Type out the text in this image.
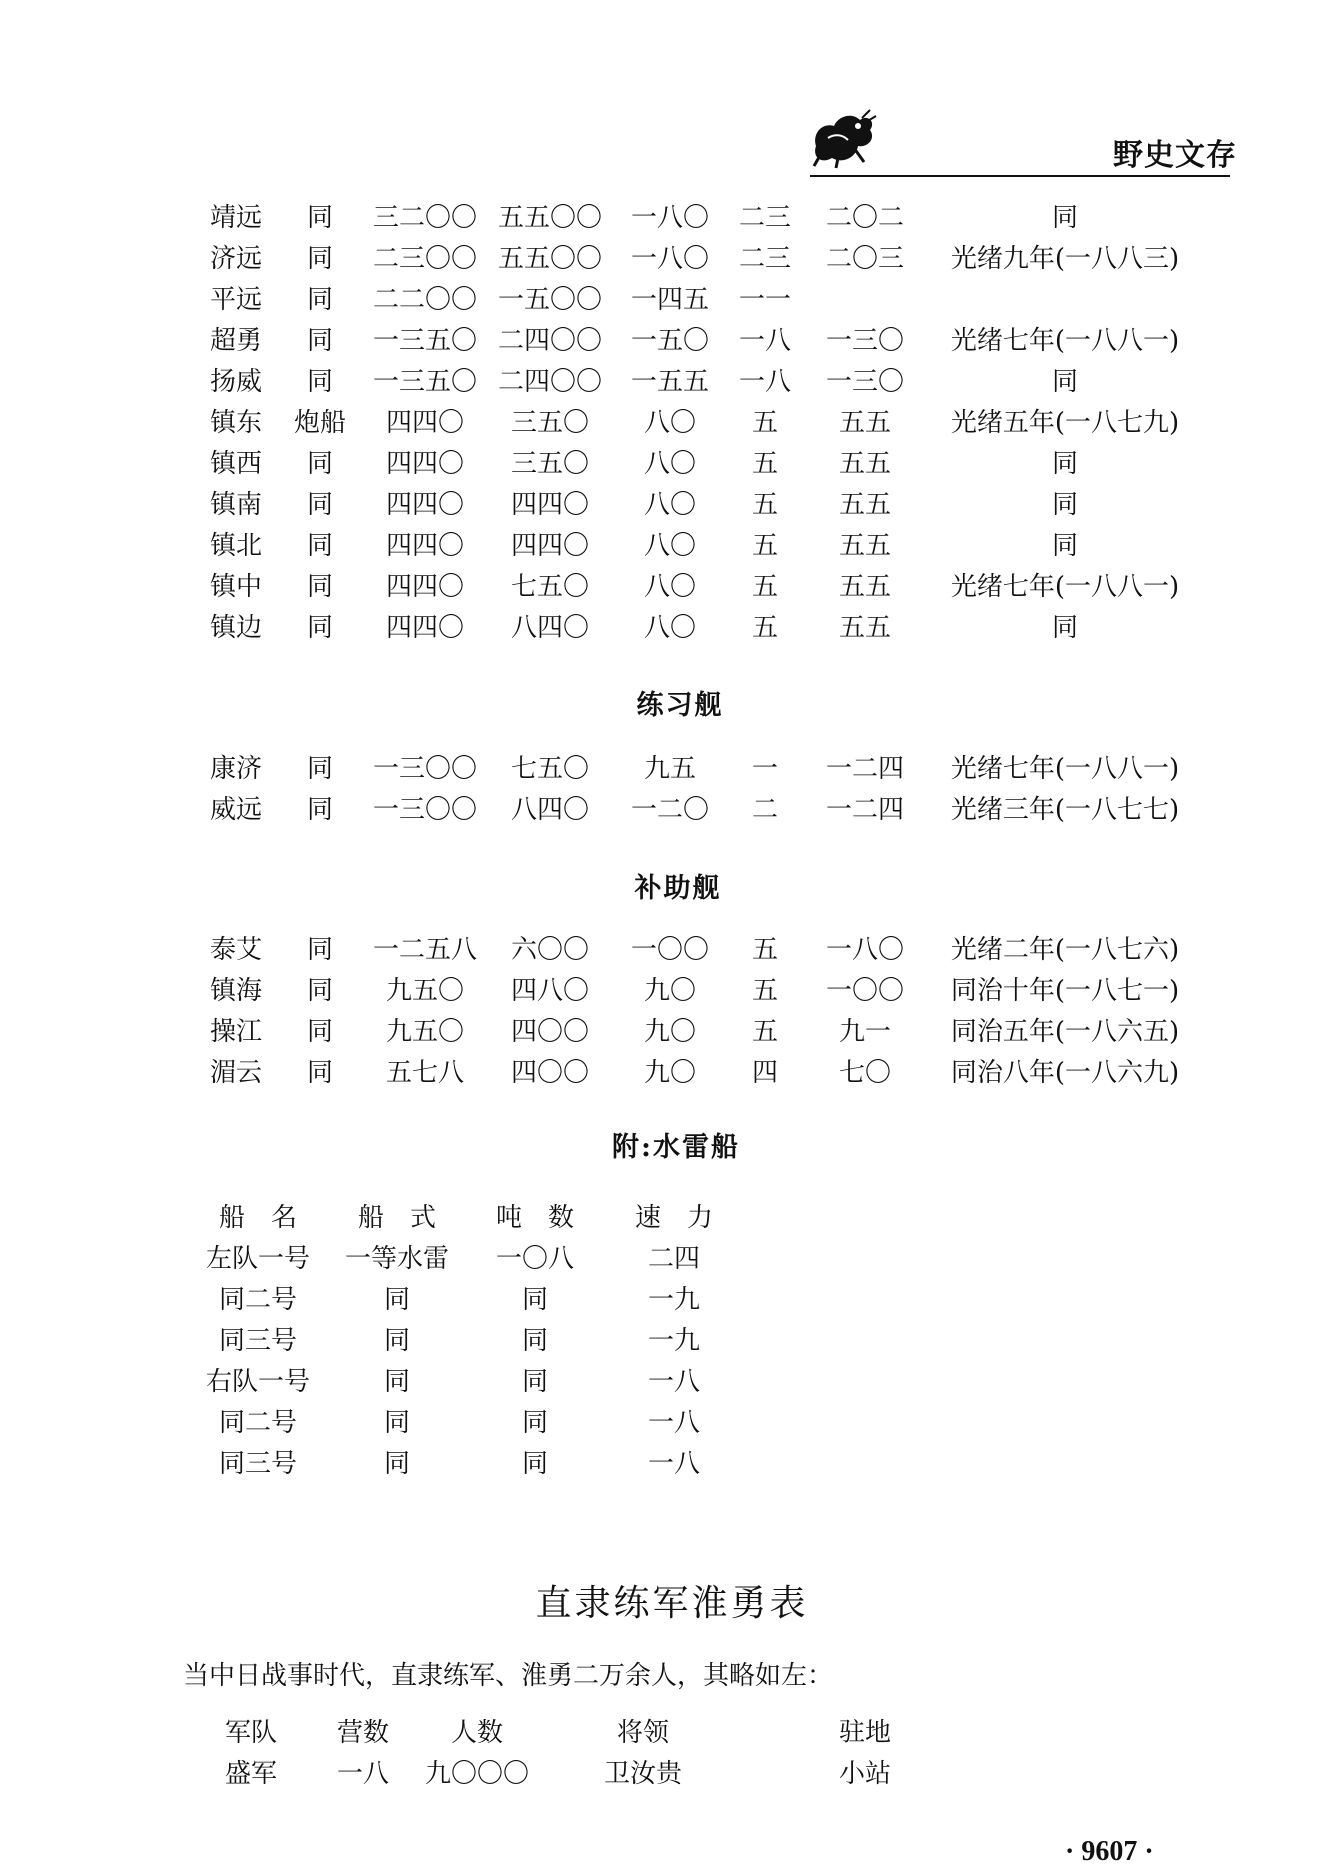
野史文存
靖远 同 三二〇〇 五五〇〇 一八〇 二三 二〇二	同
济远 同 二三〇〇 五五〇〇 一八〇 二三 二〇三 光绪九年(一八八三)
平远 同 二二〇〇 一五〇〇 一四五 一一
超勇 同 一三五〇 二四〇〇 一五〇 一八 一三〇 光绪七年(一八八一)
扬威 同 一三五〇 二四〇〇 一五五 一八 一三〇	同
镇东 炮船 四四〇 三五〇 八〇 五 五五 光绪五年(一八七九)
镇西 同 四四〇 三五〇 八〇 五 五五	同
镇南 同 四四〇 四四〇 八〇 五 五五	同
镇北 同 四四〇 四四〇 八〇 五 五五	同
镇中 同 四四〇 七五〇 八〇 五 五五 光绪七年(一八八一)
镇边 同 四四〇 八四〇 八〇 五 五五	同
练习舰
康济 同 一三〇〇 七五〇 九五 一 一二四 光绪七年(一八八一)
威远 同 一三〇〇 八四〇 一二〇 二 一二四 光绪三年(一八七七)
补助舰
泰艾 同 一二五八 六〇〇 一〇〇 五 一八〇 光绪二年(一八七六)
镇海 同 九五〇 四八〇 九〇 五 一〇〇 同治十年(一八七一)
操江 同 九五〇 四〇〇 九〇 五 九一 同治五年(一八六五)
湄云 同 五七八 四〇〇 九〇 四 七〇 同治八年(一八六九)
附:水雷船
船　名 船　式 吨　数 速　力
左队一号 一等水雷 一〇八	二四
同二号	同	同	一九
同三号	同	同	一九
右队一号	同	同	一八
同二号	同	同	一八
同三号	同	同	一八
直隶练军淮勇表
当中日战事时代，直隶练军、淮勇二万余人，其略如左：
军队 营数 人数	将领	驻地
盛军 一八 九〇〇〇	卫汝贵	小站
· 9607 ·
